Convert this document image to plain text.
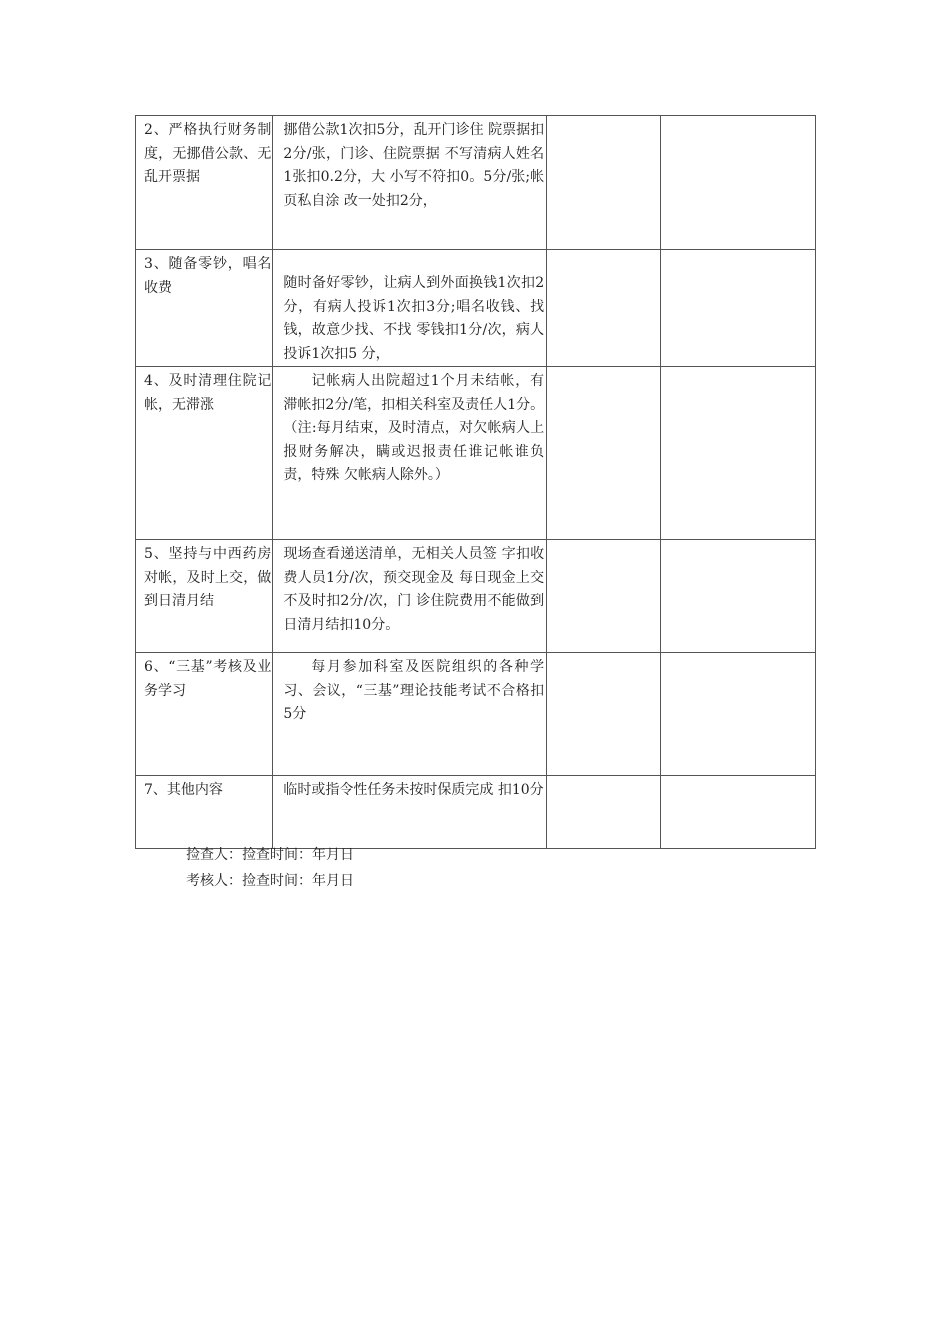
2、严格执行财务制度，无挪借公款、无乱开票据	挪借公款1次扣5分，乱开门诊住 院票据扣2分/张，门诊、住院票据 不写清病人姓名1张扣0.2分，大 小写不符扣0。5分/张;帐页私自涂 改一处扣2分，		
3、随备零钞，唱名收费	随时备好零钞，让病人到外面换钱1次扣2分，有病人投诉1次扣3分;唱名收钱、找钱，故意少找、不找 零钱扣1分/次，病人投诉1次扣5 分，		
4、及时清理住院记帐，无滞涨	记帐病人出院超过1个月未结帐，有滞帐扣2分/笔，扣相关科室及责任人1分。（注:每月结束，及时清点，对欠帐病人上报财务解决，瞒或迟报责任谁记帐谁负责，特殊 欠帐病人除外。）		
5、坚持与中西药房对帐，及时上交，做到日清月结	现场查看递送清单，无相关人员签 字扣收费人员1分/次，预交现金及 每日现金上交不及时扣2分/次，门 诊住院费用不能做到日清月结扣10分。		
6、“三基”考核及业务学习	每月参加科室及医院组织的各种学习、会议，“三基”理论技能考试不合格扣5分		
7、其他内容	临时或指令性任务未按时保质完成 扣10分		
捡查人：捡查时间：年月日
考核人：捡查时间：年月日
